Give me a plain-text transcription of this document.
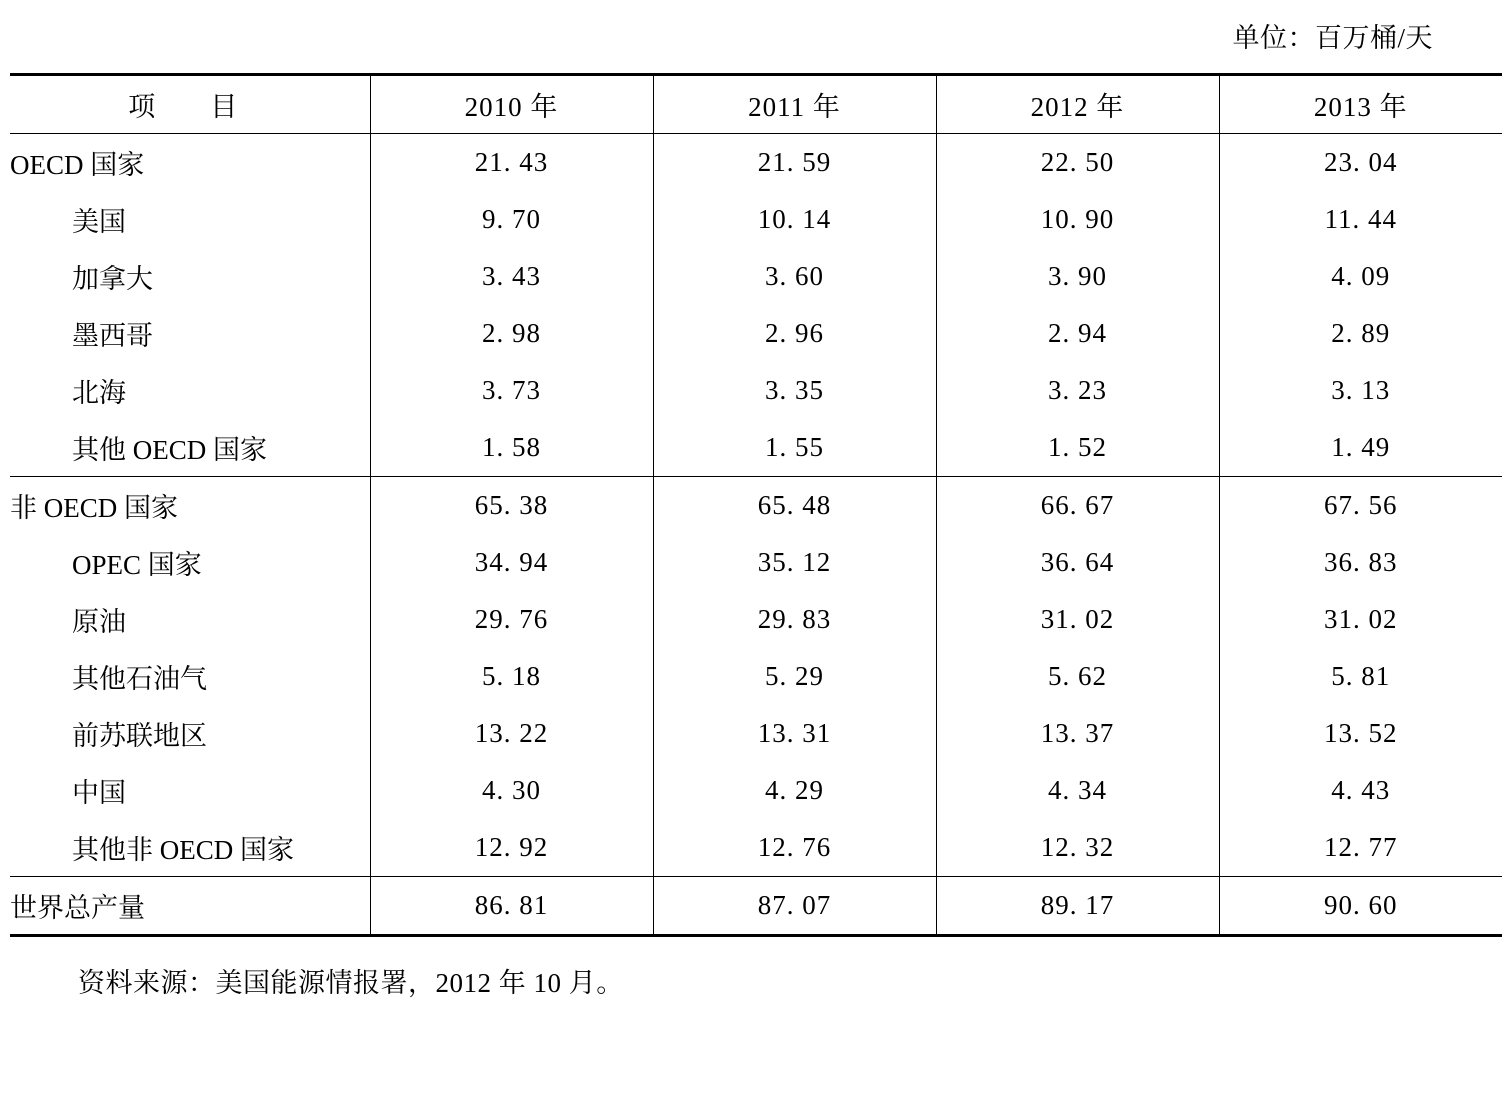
单位：百万桶/天
项　目	2010 年	2011 年	2012 年	2013 年
OECD 国家	21. 43	21. 59	22. 50	23. 04
美国	9. 70	10. 14	10. 90	11. 44
加拿大	3. 43	3. 60	3. 90	4. 09
墨西哥	2. 98	2. 96	2. 94	2. 89
北海	3. 73	3. 35	3. 23	3. 13
其他 OECD 国家	1. 58	1. 55	1. 52	1. 49
非 OECD 国家	65. 38	65. 48	66. 67	67. 56
OPEC 国家	34. 94	35. 12	36. 64	36. 83
原油	29. 76	29. 83	31. 02	31. 02
其他石油气	5. 18	5. 29	5. 62	5. 81
前苏联地区	13. 22	13. 31	13. 37	13. 52
中国	4. 30	4. 29	4. 34	4. 43
其他非 OECD 国家	12. 92	12. 76	12. 32	12. 77
世界总产量	86. 81	87. 07	89. 17	90. 60
资料来源：美国能源情报署，2012 年 10 月。
